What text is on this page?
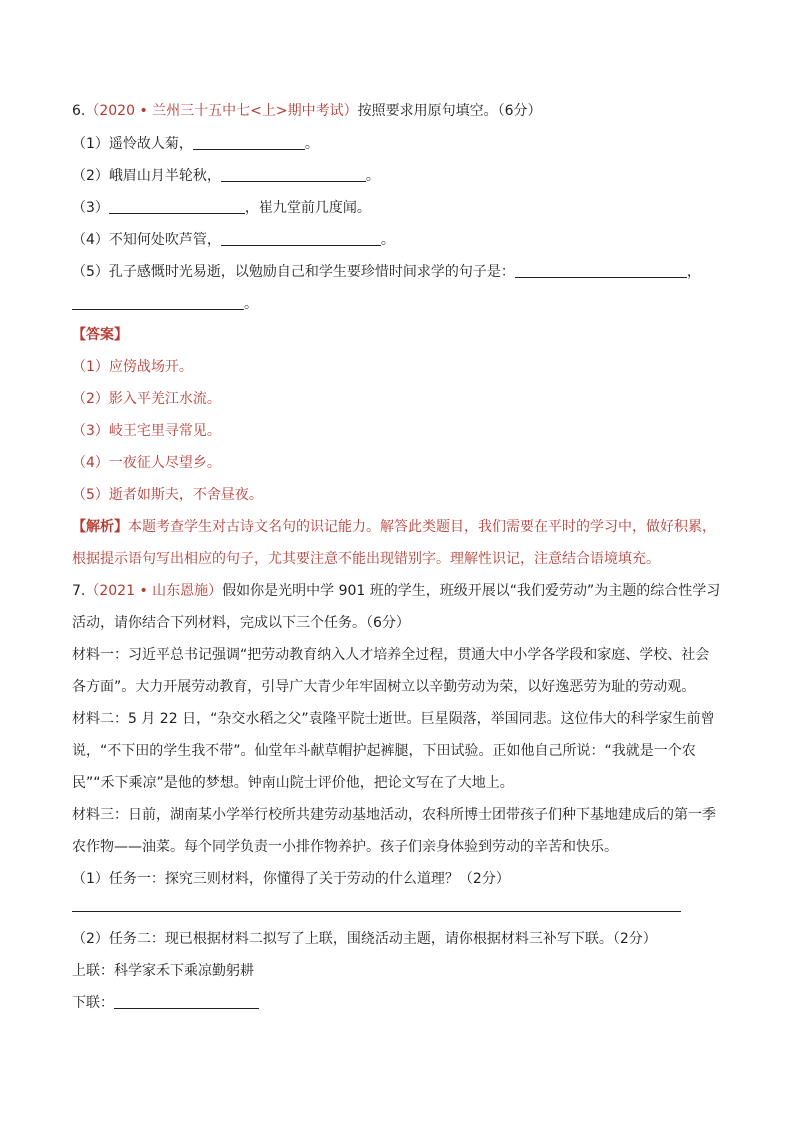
6.（2020 • 兰州三十五中七<上>期中考试）按照要求用原句填空。（6分）
（1）遥怜故人菊，	。
（2）峨眉山月半轮秋，	。
（3）	，崔九堂前几度闻。
（4）不知何处吹芦管，	。
（5）孔子感慨时光易逝，以勉励自己和学生要珍惜时间求学的句子是：	，
。
【答案】
（1）应傍战场开。
（2）影入平羌江水流。
（3）岐王宅里寻常见。
（4）一夜征人尽望乡。
（5）逝者如斯夫，不舍昼夜。
【解析】本题考查学生对古诗文名句的识记能力。解答此类题目，我们需要在平时的学习中，做好积累，
根据提示语句写出相应的句子，尤其要注意不能出现错别字。理解性识记，注意结合语境填充。
7.（2021 • 山东恩施）假如你是光明中学 901 班的学生，班级开展以“我们爱劳动”为主题的综合性学习
活动，请你结合下列材料，完成以下三个任务。（6分）
材料一：习近平总书记强调“把劳动教育纳入人才培养全过程，贯通大中小学各学段和家庭、学校、社会
各方面”。大力开展劳动教育，引导广大青少年牢固树立以辛勤劳动为荣，以好逸恶劳为耻的劳动观。
材料二：5 月 22 日，“杂交水稻之父”袁隆平院士逝世。巨星陨落，举国同悲。这位伟大的科学家生前曾
说，“不下田的学生我不带”。仙堂年斗献草帽护起裤腿，下田试验。正如他自己所说：“我就是一个农
民”“禾下乘凉”是他的梦想。钟南山院士评价他，把论文写在了大地上。
材料三：日前，湖南某小学举行校所共建劳动基地活动，农科所博士团带孩子们种下基地建成后的第一季
农作物——油菜。每个同学负责一小排作物养护。孩子们亲身体验到劳动的辛苦和快乐。
（1）任务一：探究三则材料，你懂得了关于劳动的什么道理？（2分）
（2）任务二：现已根据材料二拟写了上联，围绕活动主题，请你根据材料三补写下联。（2分）
上联：科学家禾下乘凉勤躬耕
下联：
